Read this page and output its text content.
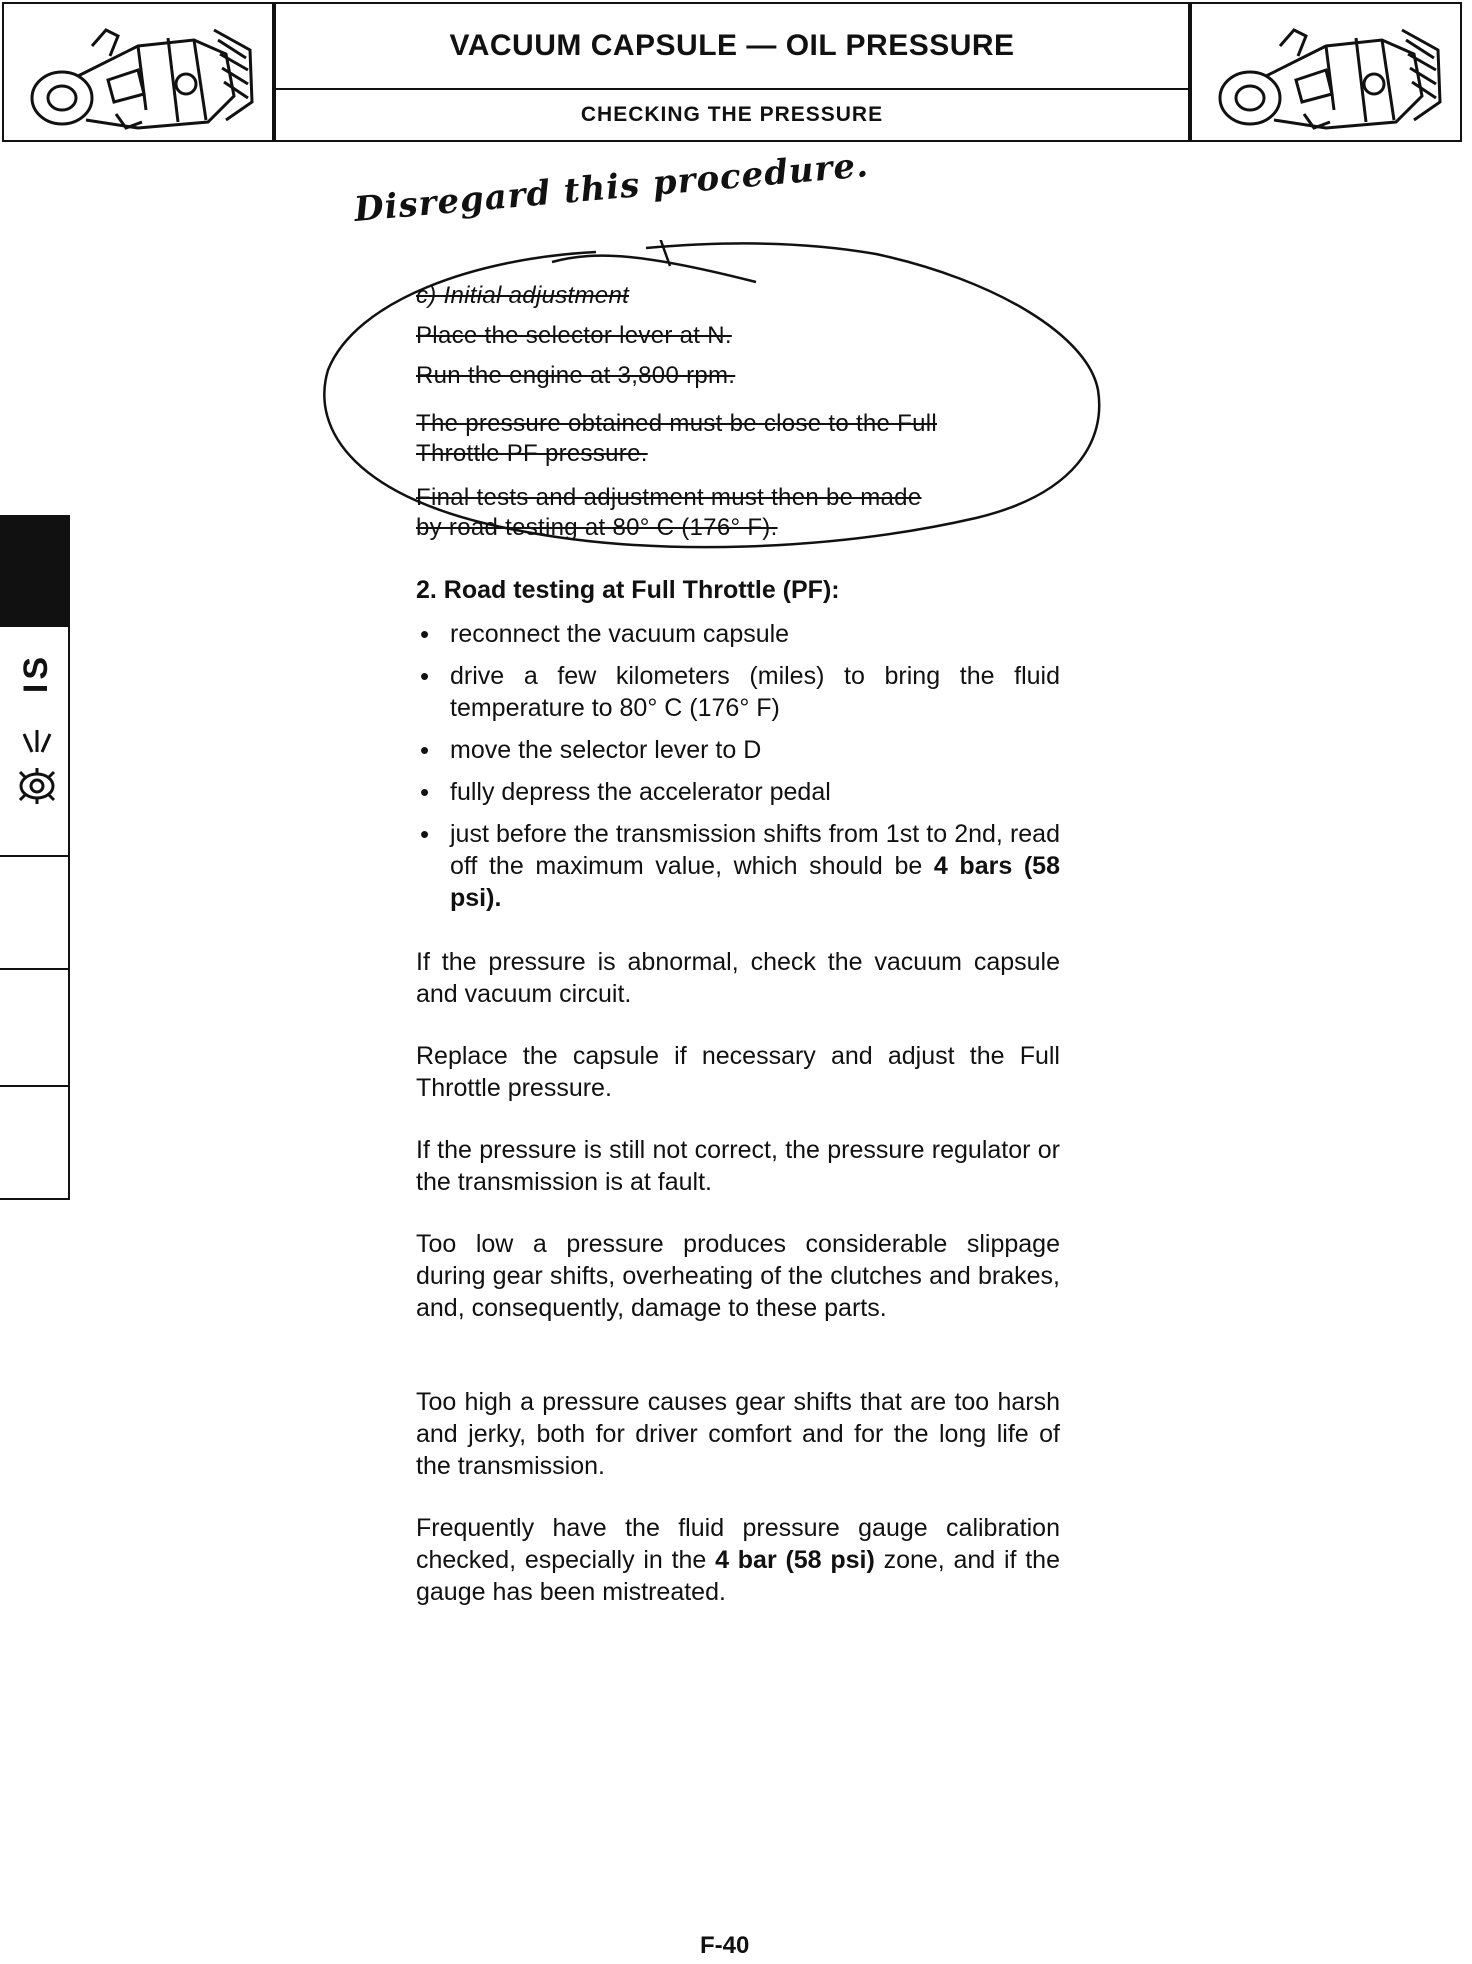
VACUUM CAPSULE — OIL PRESSURE
CHECKING THE PRESSURE
IS
Disregard this procedure.
c) Initial adjustment
Place the selector lever at N.
Run the engine at 3,800 rpm.
The pressure obtained must be close to the Full
Throttle PF pressure.
Final tests and adjustment must then be made
by road testing at 80° C (176° F).
2. Road testing at Full Throttle (PF):
• reconnect the vacuum capsule
• drive a few kilometers (miles) to bring the fluid temperature to 80° C (176° F)
• move the selector lever to D
• fully depress the accelerator pedal
• just before the transmission shifts from 1st to 2nd, read off the maximum value, which should be 4 bars (58 psi).
If the pressure is abnormal, check the vacuum capsule and vacuum circuit.
Replace the capsule if necessary and adjust the Full Throttle pressure.
If the pressure is still not correct, the pressure regulator or the transmission is at fault.
Too low a pressure produces considerable slippage during gear shifts, overheating of the clutches and brakes, and, consequently, damage to these parts.
Too high a pressure causes gear shifts that are too harsh and jerky, both for driver comfort and for the long life of the transmission.
Frequently have the fluid pressure gauge calibration checked, especially in the 4 bar (58 psi) zone, and if the gauge has been mistreated.
F-40
